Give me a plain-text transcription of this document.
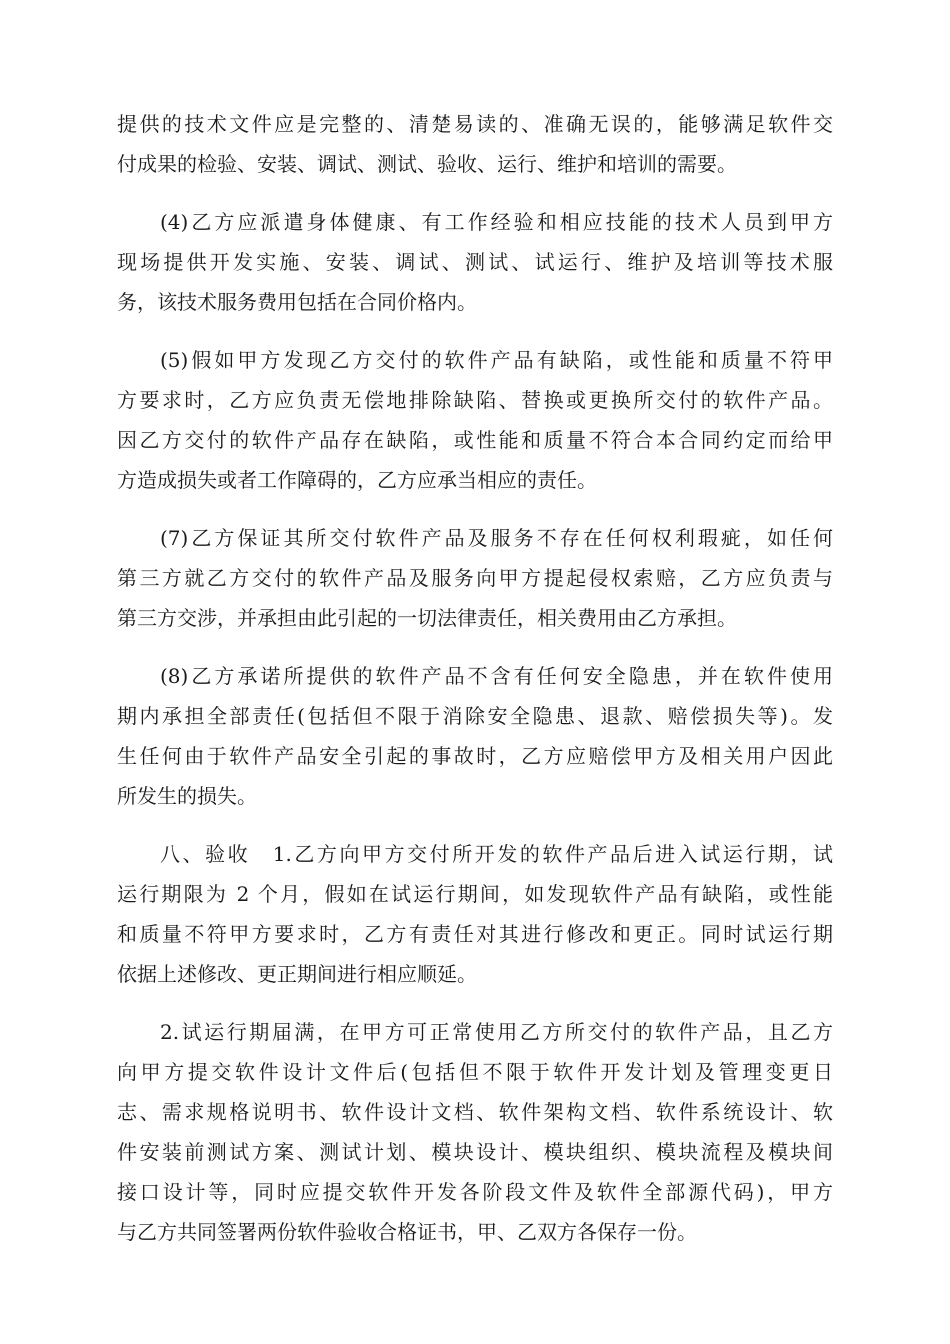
提供的技术文件应是完整的、清楚易读的、准确无误的，能够满足软件交
付成果的检验、安装、调试、测试、验收、运行、维护和培训的需要。

(4)乙方应派遣身体健康、有工作经验和相应技能的技术人员到甲方
现场提供开发实施、安装、调试、测试、试运行、维护及培训等技术服
务，该技术服务费用包括在合同价格内。

(5)假如甲方发现乙方交付的软件产品有缺陷，或性能和质量不符甲
方要求时，乙方应负责无偿地排除缺陷、替换或更换所交付的软件产品。
因乙方交付的软件产品存在缺陷，或性能和质量不符合本合同约定而给甲
方造成损失或者工作障碍的，乙方应承当相应的责任。

(7)乙方保证其所交付软件产品及服务不存在任何权利瑕疵，如任何
第三方就乙方交付的软件产品及服务向甲方提起侵权索赔，乙方应负责与
第三方交涉，并承担由此引起的一切法律责任，相关费用由乙方承担。

(8)乙方承诺所提供的软件产品不含有任何安全隐患，并在软件使用
期内承担全部责任(包括但不限于消除安全隐患、退款、赔偿损失等)。发
生任何由于软件产品安全引起的事故时，乙方应赔偿甲方及相关用户因此
所发生的损失。

八、验收　1.乙方向甲方交付所开发的软件产品后进入试运行期，试
运行期限为 2 个月，假如在试运行期间，如发现软件产品有缺陷，或性能
和质量不符甲方要求时，乙方有责任对其进行修改和更正。同时试运行期
依据上述修改、更正期间进行相应顺延。

2.试运行期届满，在甲方可正常使用乙方所交付的软件产品，且乙方
向甲方提交软件设计文件后(包括但不限于软件开发计划及管理变更日
志、需求规格说明书、软件设计文档、软件架构文档、软件系统设计、软
件安装前测试方案、测试计划、模块设计、模块组织、模块流程及模块间
接口设计等，同时应提交软件开发各阶段文件及软件全部源代码)，甲方
与乙方共同签署两份软件验收合格证书，甲、乙双方各保存一份。
